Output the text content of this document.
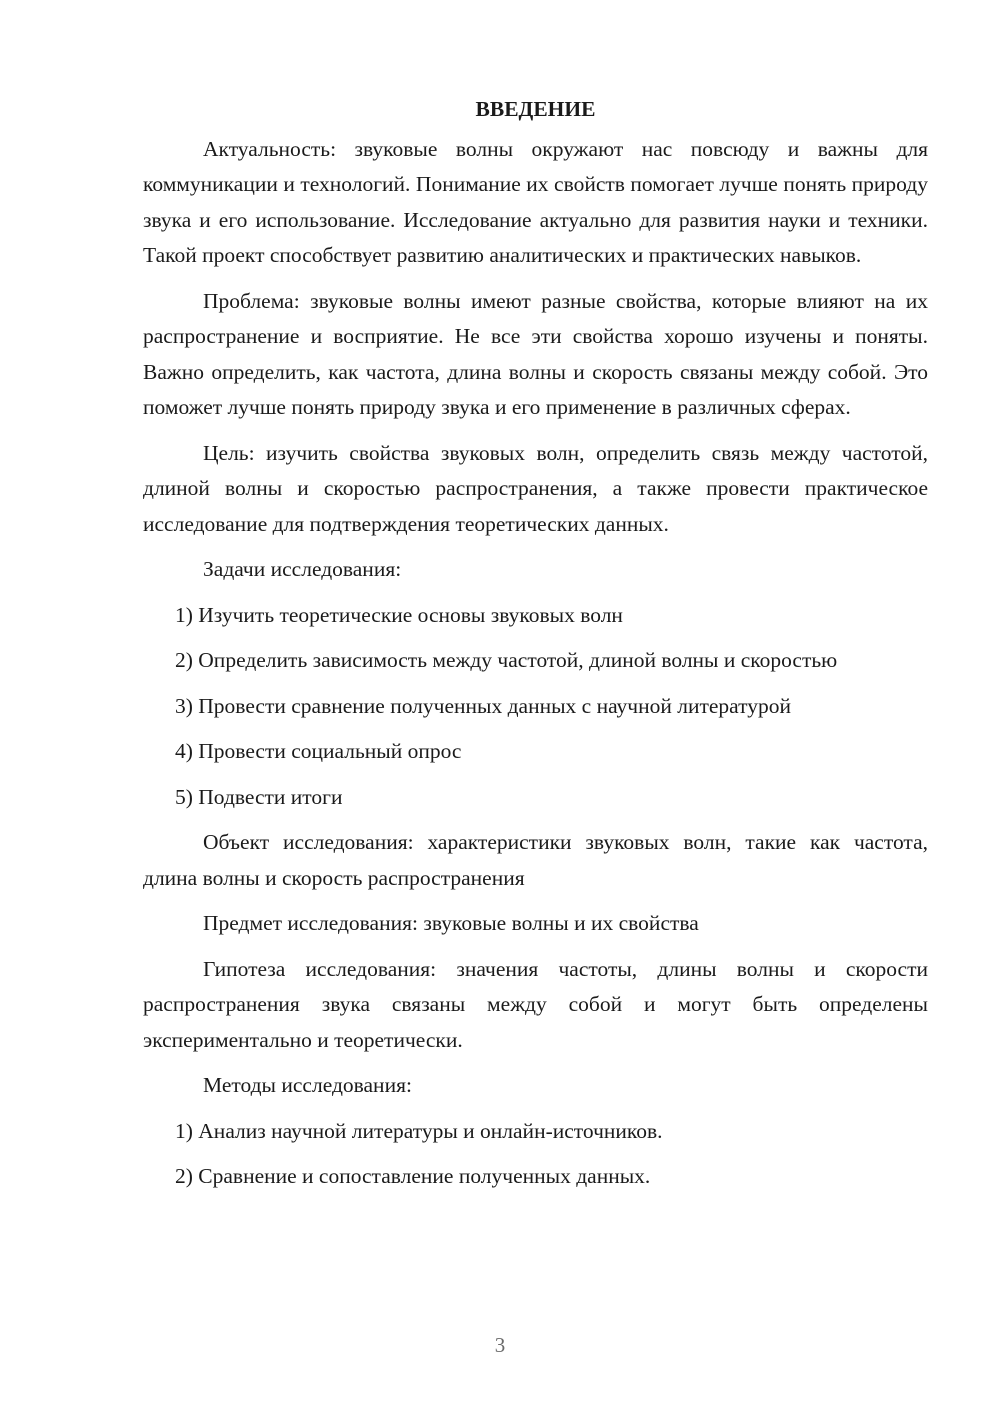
ВВЕДЕНИЕ

Актуальность: звуковые волны окружают нас повсюду и важны для коммуникации и технологий. Понимание их свойств помогает лучше понять природу звука и его использование. Исследование актуально для развития науки и техники. Такой проект способствует развитию аналитических и практических навыков.

Проблема: звуковые волны имеют разные свойства, которые влияют на их распространение и восприятие. Не все эти свойства хорошо изучены и поняты. Важно определить, как частота, длина волны и скорость связаны между собой. Это поможет лучше понять природу звука и его применение в различных сферах.

Цель: изучить свойства звуковых волн, определить связь между частотой, длиной волны и скоростью распространения, а также провести практическое исследование для подтверждения теоретических данных.

Задачи исследования:

1) Изучить теоретические основы звуковых волн

2) Определить зависимость между частотой, длиной волны и скоростью

3) Провести сравнение полученных данных с научной литературой

4) Провести социальный опрос

5) Подвести итоги

Объект исследования: характеристики звуковых волн, такие как частота, длина волны и скорость распространения

Предмет исследования: звуковые волны и их свойства

Гипотеза исследования: значения частоты, длины волны и скорости распространения звука связаны между собой и могут быть определены экспериментально и теоретически.

Методы исследования:

1) Анализ научной литературы и онлайн-источников.

2) Сравнение и сопоставление полученных данных.

3
